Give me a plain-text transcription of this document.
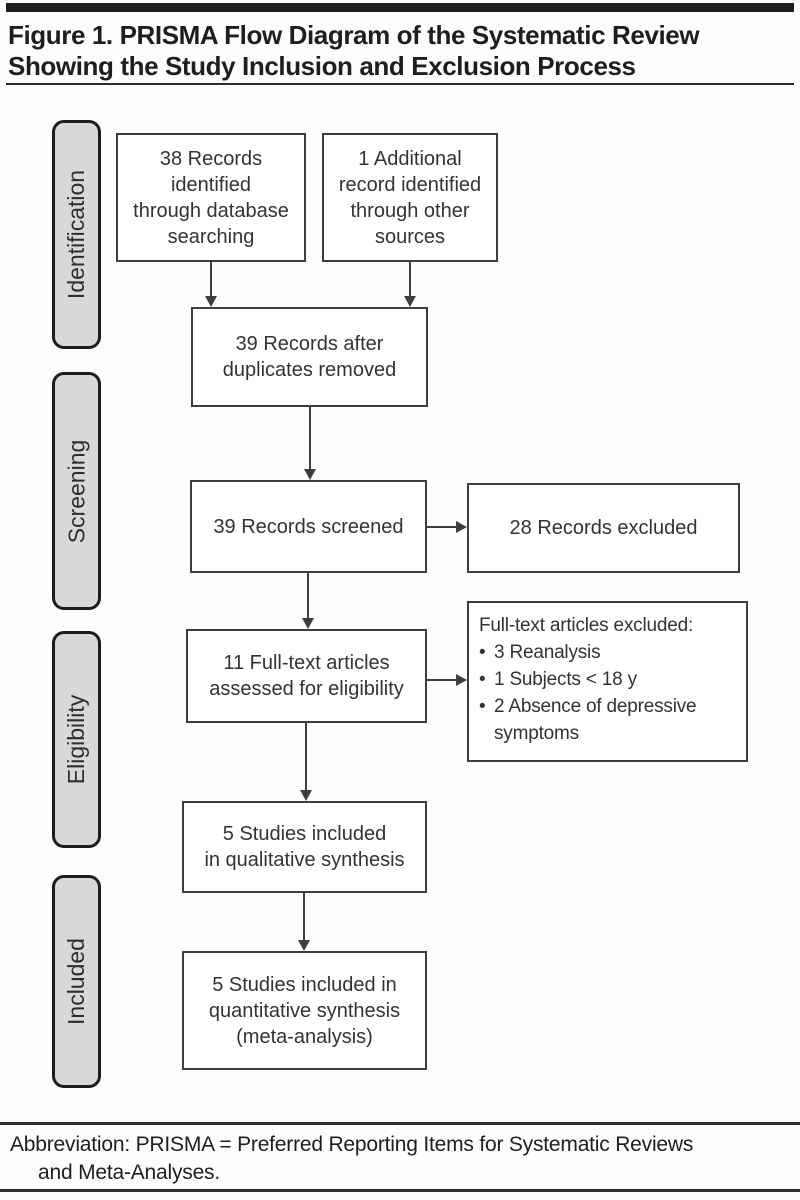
Figure 1. PRISMA Flow Diagram of the Systematic Review
Showing the Study Inclusion and Exclusion Process
Identification
Screening
Eligibility
Included
38 Records
identified
through database
searching
1 Additional
record identified
through other
sources
39 Records after
duplicates removed
39 Records screened	28 Records excluded
11 Full-text articles
assessed for eligibility
Full-text articles excluded:
• 3 Reanalysis
• 1 Subjects < 18 y
• 2 Absence of depressive symptoms
5 Studies included
in qualitative synthesis
5 Studies included in
quantitative synthesis
(meta-analysis)
Abbreviation: PRISMA = Preferred Reporting Items for Systematic Reviews
and Meta-Analyses.
